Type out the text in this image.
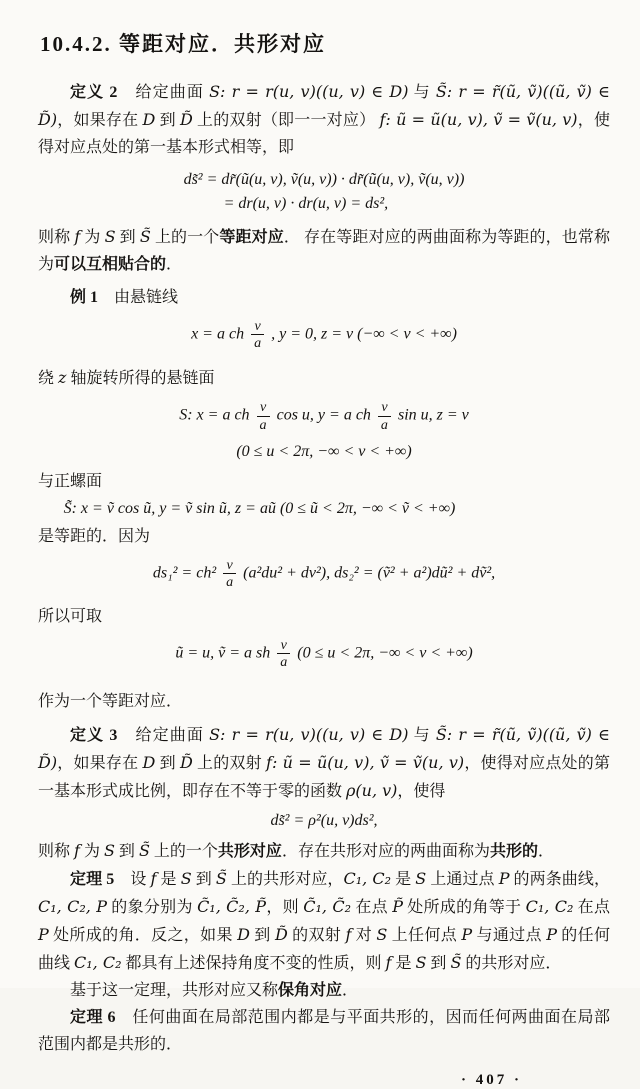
10.4.2. 等距对应．共形对应

定义 2　给定曲面 S: r = r(u, v)((u, v) ∈ D) 与 S̃: r = r̃(ũ, ṽ)((ũ, ṽ) ∈ D̃)，如果存在 D 到 D̃ 上的双射（即一一对应） f: ũ = ũ(u, v), ṽ = ṽ(u, v)，使得对应点处的第一基本形式相等，即

ds̃² = dr̃(ũ(u, v), ṽ(u, v)) · dr̃(ũ(u, v), ṽ(u, v))
= dr(u, v) · dr(u, v) = ds²,

则称 f 为 S 到 S̃ 上的一个等距对应． 存在等距对应的两曲面称为等距的，也常称为可以互相贴合的．

例 1　由悬链线

x = a ch $\frac{v}{a}$ , y = 0, z = v (−∞ < v < +∞)

绕 z 轴旋转所得的悬链面

S: x = a ch $\frac{v}{a}$ cos u, y = a ch $\frac{v}{a}$ sin u, z = v
(0 ≤ u < 2π, −∞ < v < +∞)

与正螺面

S̃: x = ṽ cos ũ, y = ṽ sin ũ, z = aũ (0 ≤ ũ < 2π, −∞ < ṽ < +∞)

是等距的．因为

$ds_1^2 = ch^2 \frac{v}{a} (a^2du^2 + dv^2)$, ds₂² = (ṽ² + a²)dũ² + dṽ²,

所以可取

ũ = u, ṽ = a sh $\frac{v}{a} (0 \le u < 2\pi$, −∞ < v < +∞)

作为一个等距对应．

定义 3　给定曲面 S: r = r(u, v)((u, v) ∈ D) 与 S̃: r = r̃(ũ, ṽ)((ũ, ṽ) ∈ D̃)，如果存在 D 到 D̃ 上的双射 f: ũ = ũ(u, v), ṽ = ṽ(u, v)，使得对应点处的第一基本形式成比例，即存在不等于零的函数 ρ(u, v)，使得

ds̃² = ρ²(u, v)ds²,

则称 f 为 S 到 S̃ 上的一个共形对应．存在共形对应的两曲面称为共形的．

定理 5　设 f 是 S 到 S̃ 上的共形对应，C₁, C₂ 是 S 上通过点 P 的两条曲线，C₁, C₂, P 的象分别为 C̃₁, C̃₂, P̃，则 C̃₁, C̃₂ 在点 P̃ 处所成的角等于 C₁, C₂ 在点 P 处所成的角．反之，如果 D 到 D̃ 的双射 f 对 S 上任何点 P 与通过点 P 的任何曲线 C₁, C₂ 都具有上述保持角度不变的性质，则 f 是 S 到 S̃ 的共形对应．

基于这一定理，共形对应又称保角对应．

定理 6　任何曲面在局部范围内都是与平面共形的，因而任何两曲面在局部范围内都是共形的．

· 407 ·
